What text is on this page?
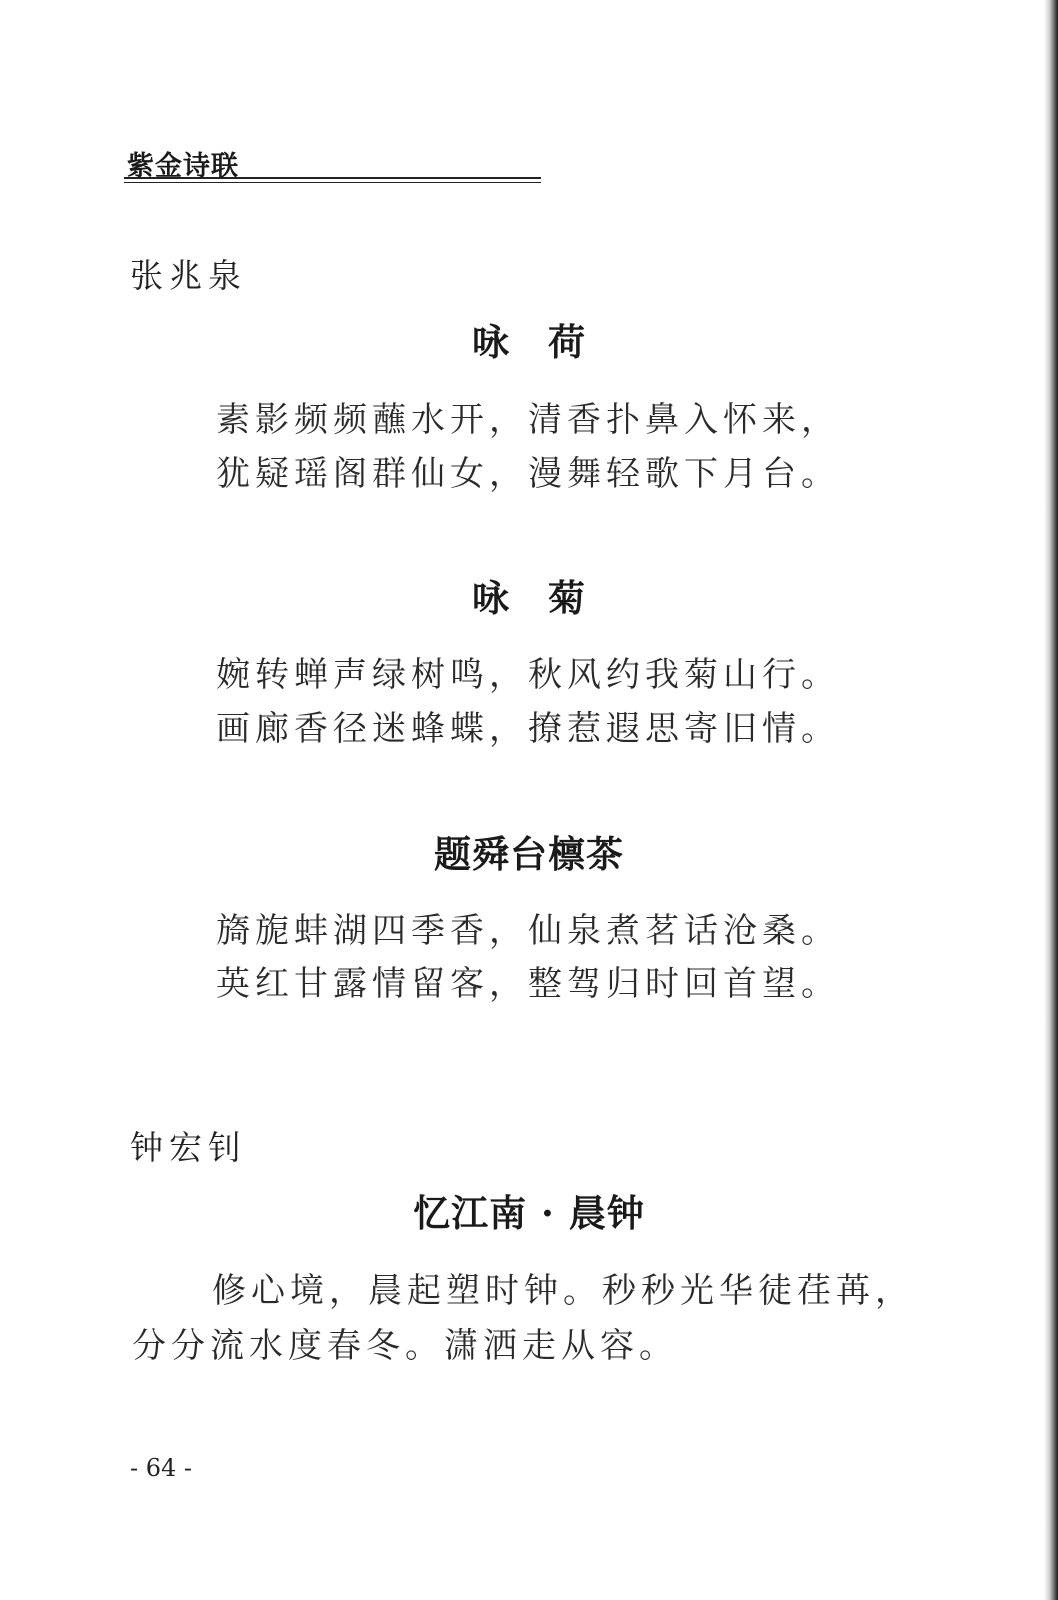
紫金诗联
张兆泉
咏　荷
素影频频蘸水开，清香扑鼻入怀来，
犹疑瑶阁群仙女，漫舞轻歌下月台。
咏　菊
婉转蝉声绿树鸣，秋风约我菊山行。
画廊香径迷蜂蝶，撩惹遐思寄旧情。
题舜台檩茶
旖旎蚌湖四季香，仙泉煮茗话沧桑。
英红甘露情留客，整驾归时回首望。
钟宏钊
忆江南 · 晨钟
修心境，晨起塑时钟。秒秒光华徒荏苒，
分分流水度春冬。潇洒走从容。
- 64 -
